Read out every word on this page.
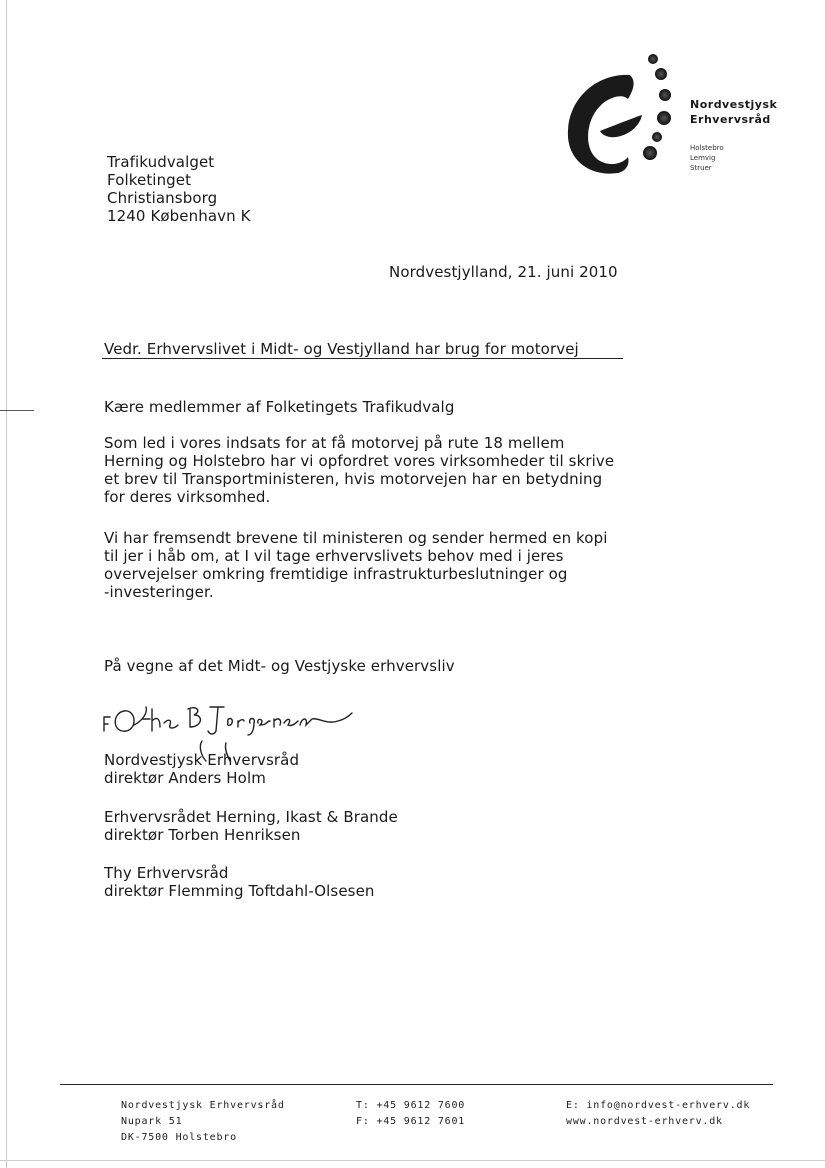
Nordvestjysk
Erhvervsråd
Holstebro
Lemvig
Struer
Trafikudvalget
Folketinget
Christiansborg
1240 København K
Nordvestjylland, 21. juni 2010
Vedr. Erhvervslivet i Midt- og Vestjylland har brug for motorvej
Kære medlemmer af Folketingets Trafikudvalg
Som led i vores indsats for at få motorvej på rute 18 mellem
Herning og Holstebro har vi opfordret vores virksomheder til skrive
et brev til Transportministeren, hvis motorvejen har en betydning
for deres virksomhed.
Vi har fremsendt brevene til ministeren og sender hermed en kopi
til jer i håb om, at I vil tage erhvervslivets behov med i jeres
overvejelser omkring fremtidige infrastrukturbeslutninger og
-investeringer.
På vegne af det Midt- og Vestjyske erhvervsliv
Nordvestjysk Erhvervsråd
direktør Anders Holm
Erhvervsrådet Herning, Ikast & Brande
direktør Torben Henriksen
Thy Erhvervsråd
direktør Flemming Toftdahl-Olsesen
Nordvestjysk Erhvervsråd
Nupark 51
DK-7500 Holstebro
T: +45 9612 7600
F: +45 9612 7601
E: info@nordvest-erhverv.dk
www.nordvest-erhverv.dk
